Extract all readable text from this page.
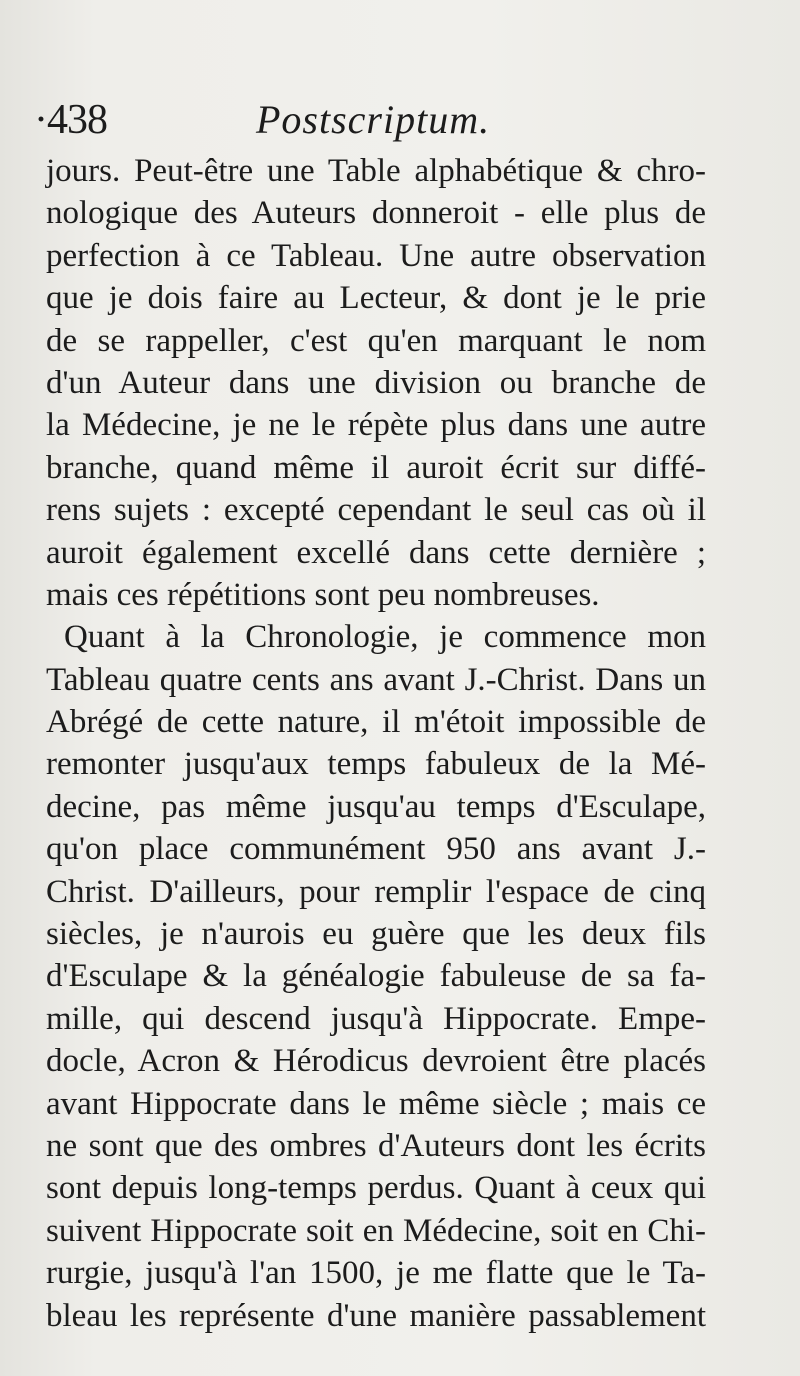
·438	Postscriptum.
jours. Peut-être une Table alphabétique & chro-
nologique des Auteurs donneroit - elle plus de
perfection à ce Tableau. Une autre observation
que je dois faire au Lecteur, & dont je le prie
de se rappeller, c'est qu'en marquant le nom
d'un Auteur dans une division ou branche de
la Médecine, je ne le répète plus dans une autre
branche, quand même il auroit écrit sur diffé-
rens sujets : excepté cependant le seul cas où il
auroit également excellé dans cette dernière ;
mais ces répétitions sont peu nombreuses.
Quant à la Chronologie, je commence mon
Tableau quatre cents ans avant J.-Christ. Dans un
Abrégé de cette nature, il m'étoit impossible de
remonter jusqu'aux temps fabuleux de la Mé-
decine, pas même jusqu'au temps d'Esculape,
qu'on place communément 950 ans avant J.-
Christ. D'ailleurs, pour remplir l'espace de cinq
siècles, je n'aurois eu guère que les deux fils
d'Esculape & la généalogie fabuleuse de sa fa-
mille, qui descend jusqu'à Hippocrate. Empe-
docle, Acron & Hérodicus devroient être placés
avant Hippocrate dans le même siècle ; mais ce
ne sont que des ombres d'Auteurs dont les écrits
sont depuis long-temps perdus. Quant à ceux qui
suivent Hippocrate soit en Médecine, soit en Chi-
rurgie, jusqu'à l'an 1500, je me flatte que le Ta-
bleau les représente d'une manière passablement
